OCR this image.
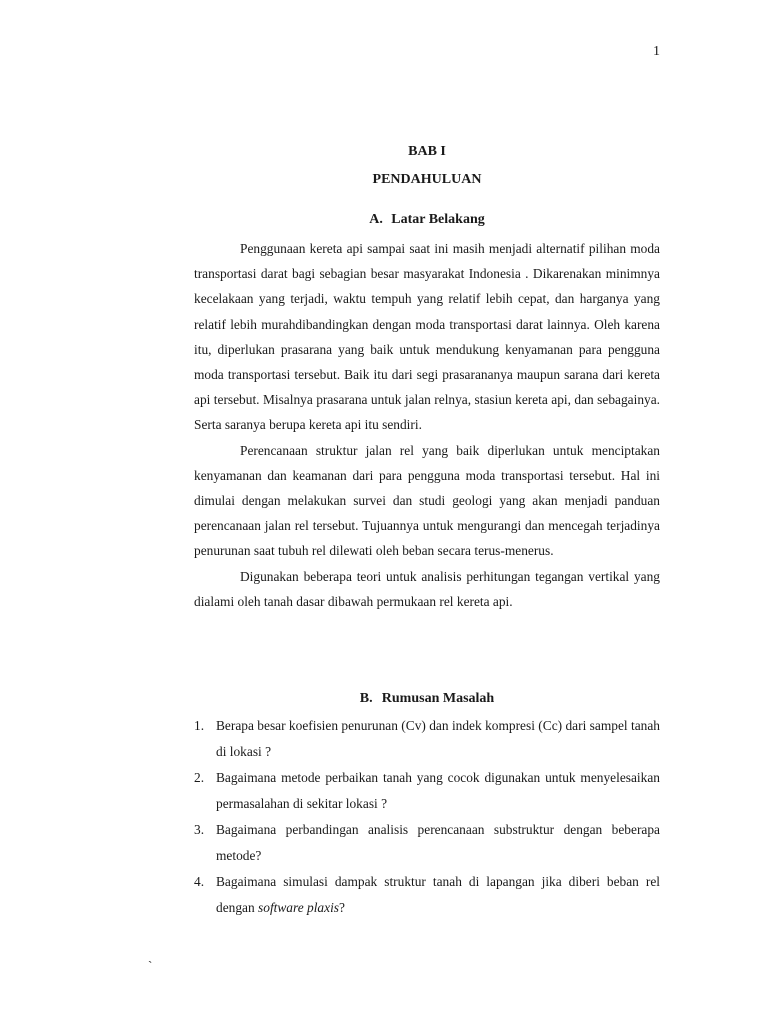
1
BAB I
PENDAHULUAN
A. Latar Belakang

Penggunaan kereta api sampai saat ini masih menjadi alternatif pilihan moda transportasi darat bagi sebagian besar masyarakat Indonesia . Dikarenakan minimnya kecelakaan yang terjadi, waktu tempuh yang relatif lebih cepat, dan harganya yang relatif lebih murahdibandingkan dengan moda transportasi darat lainnya. Oleh karena itu, diperlukan prasarana yang baik untuk mendukung kenyamanan para pengguna moda transportasi tersebut. Baik itu dari segi prasarananya maupun sarana dari kereta api tersebut. Misalnya prasarana untuk jalan relnya, stasiun kereta api, dan sebagainya. Serta saranya berupa kereta api itu sendiri.

Perencanaan struktur jalan rel yang baik diperlukan untuk menciptakan kenyamanan dan keamanan dari para pengguna moda transportasi tersebut. Hal ini dimulai dengan melakukan survei dan studi geologi yang akan menjadi panduan perencanaan jalan rel tersebut. Tujuannya untuk mengurangi dan mencegah terjadinya penurunan saat tubuh rel dilewati oleh beban secara terus-menerus.

Digunakan beberapa teori untuk analisis perhitungan tegangan vertikal yang dialami oleh tanah dasar dibawah permukaan rel kereta api.

B. Rumusan Masalah
1. Berapa besar koefisien penurunan (Cv) dan indek kompresi (Cc) dari sampel tanah di lokasi ?
2. Bagaimana metode perbaikan tanah yang cocok digunakan untuk menyelesaikan permasalahan di sekitar lokasi ?
3. Bagaimana perbandingan analisis perencanaan substruktur dengan beberapa metode?
4. Bagaimana simulasi dampak struktur tanah di lapangan jika diberi beban rel dengan software plaxis?
`
